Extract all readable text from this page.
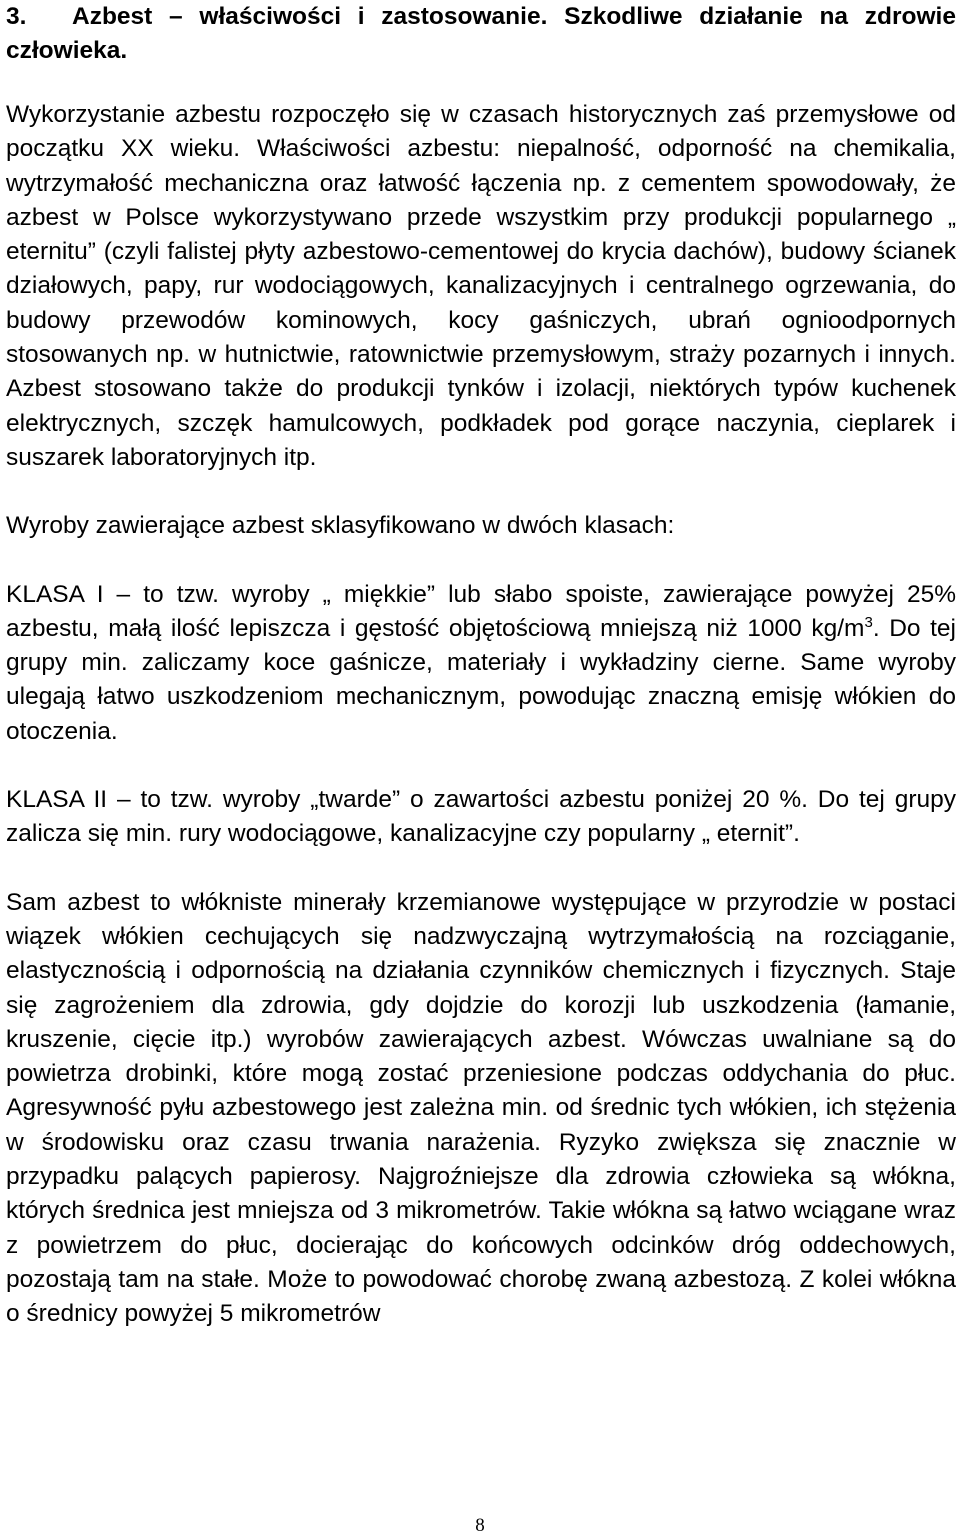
3. Azbest – właściwości i zastosowanie. Szkodliwe działanie na zdrowie człowieka.

Wykorzystanie azbestu rozpoczęło się w czasach historycznych zaś przemysłowe od początku XX wieku. Właściwości azbestu: niepalność, odporność na chemikalia, wytrzymałość mechaniczna oraz łatwość łączenia np. z cementem spowodowały, że azbest w Polsce wykorzystywano przede wszystkim przy produkcji popularnego „ eternitu” (czyli falistej płyty azbestowo-cementowej do krycia dachów), budowy ścianek działowych, papy, rur wodociągowych, kanalizacyjnych i centralnego ogrzewania, do budowy przewodów kominowych, kocy gaśniczych, ubrań ognioodpornych stosowanych np. w hutnictwie, ratownictwie przemysłowym, straży pozarnych i innych. Azbest stosowano także do produkcji tynków i izolacji, niektórych typów kuchenek elektrycznych, szczęk hamulcowych, podkładek pod gorące naczynia, cieplarek i suszarek laboratoryjnych itp.

Wyroby zawierające azbest sklasyfikowano w dwóch klasach:

KLASA I – to tzw. wyroby „ miękkie” lub słabo spoiste, zawierające powyżej 25% azbestu, małą ilość lepiszcza i gęstość objętościową mniejszą niż 1000 $kg/m^3$. Do tej grupy min. zaliczamy koce gaśnicze, materiały i wykładziny cierne. Same wyroby ulegają łatwo uszkodzeniom mechanicznym, powodując znaczną emisję włókien do otoczenia.

KLASA II – to tzw. wyroby „twarde” o zawartości azbestu poniżej 20 %. Do tej grupy zalicza się min. rury wodociągowe, kanalizacyjne czy popularny „ eternit”.

Sam azbest to włókniste minerały krzemianowe występujące w przyrodzie w postaci wiązek włókien cechujących się nadzwyczajną wytrzymałością na rozciąganie, elastycznością i odpornością na działania czynników chemicznych i fizycznych. Staje się zagrożeniem dla zdrowia, gdy dojdzie do korozji lub uszkodzenia (łamanie, kruszenie, cięcie itp.) wyrobów zawierających azbest. Wówczas uwalniane są do powietrza drobinki, które mogą zostać przeniesione podczas oddychania do płuc. Agresywność pyłu azbestowego jest zależna min. od średnic tych włókien, ich stężenia w środowisku oraz czasu trwania narażenia. Ryzyko zwiększa się znacznie w przypadku palących papierosy. Najgroźniejsze dla zdrowia człowieka są włókna, których średnica jest mniejsza od 3 mikrometrów. Takie włókna są łatwo wciągane wraz z powietrzem do płuc, docierając do końcowych odcinków dróg oddechowych, pozostają tam na stałe. Może to powodować chorobę zwaną azbestozą. Z kolei włókna o średnicy powyżej 5 mikrometrów

8
